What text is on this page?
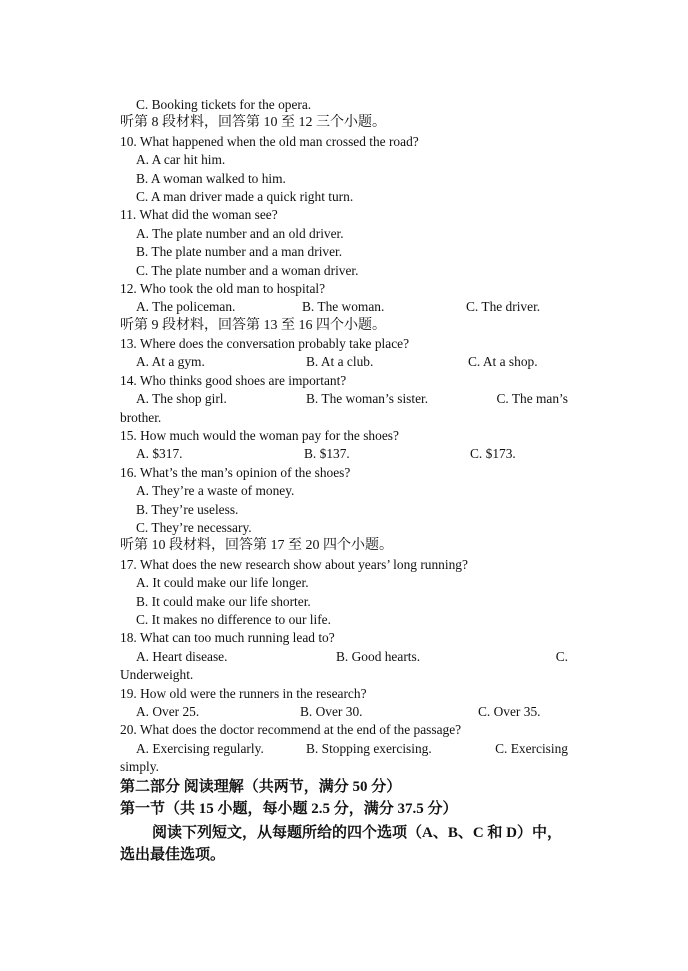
C. Booking tickets for the opera.
听第 8 段材料，回答第 10 至 12 三个小题。
10. What happened when the old man crossed the road?
A. A car hit him.
B. A woman walked to him.
C. A man driver made a quick right turn.
11. What did the woman see?
A. The plate number and an old driver.
B. The plate number and a man driver.
C. The plate number and a woman driver.
12. Who took the old man to hospital?
A. The policeman.	B. The woman.	C. The driver.
听第 9 段材料，回答第 13 至 16 四个小题。
13. Where does the conversation probably take place?
A. At a gym.	B. At a club.	C. At a shop.
14. Who thinks good shoes are important?
A. The shop girl.	B. The woman’s sister.	C. The man’s
brother.
15. How much would the woman pay for the shoes?
A. $317.	B. $137.	C. $173.
16. What’s the man’s opinion of the shoes?
A. They’re a waste of money.
B. They’re useless.
C. They’re necessary.
听第 10 段材料，回答第 17 至 20 四个小题。
17. What does the new research show about years’ long running?
A. It could make our life longer.
B. It could make our life shorter.
C. It makes no difference to our life.
18. What can too much running lead to?
A. Heart disease.	B. Good hearts.	C.
Underweight.
19. How old were the runners in the research?
A. Over 25.	B. Over 30.	C. Over 35.
20. What does the doctor recommend at the end of the passage?
A. Exercising regularly.	B. Stopping exercising.	C. Exercising
simply.
第二部分 阅读理解（共两节，满分 50 分）
第一节（共 15 小题，每小题 2.5 分，满分 37.5 分）
阅读下列短文，从每题所给的四个选项（A、B、C 和 D）中，选出最佳选项。
